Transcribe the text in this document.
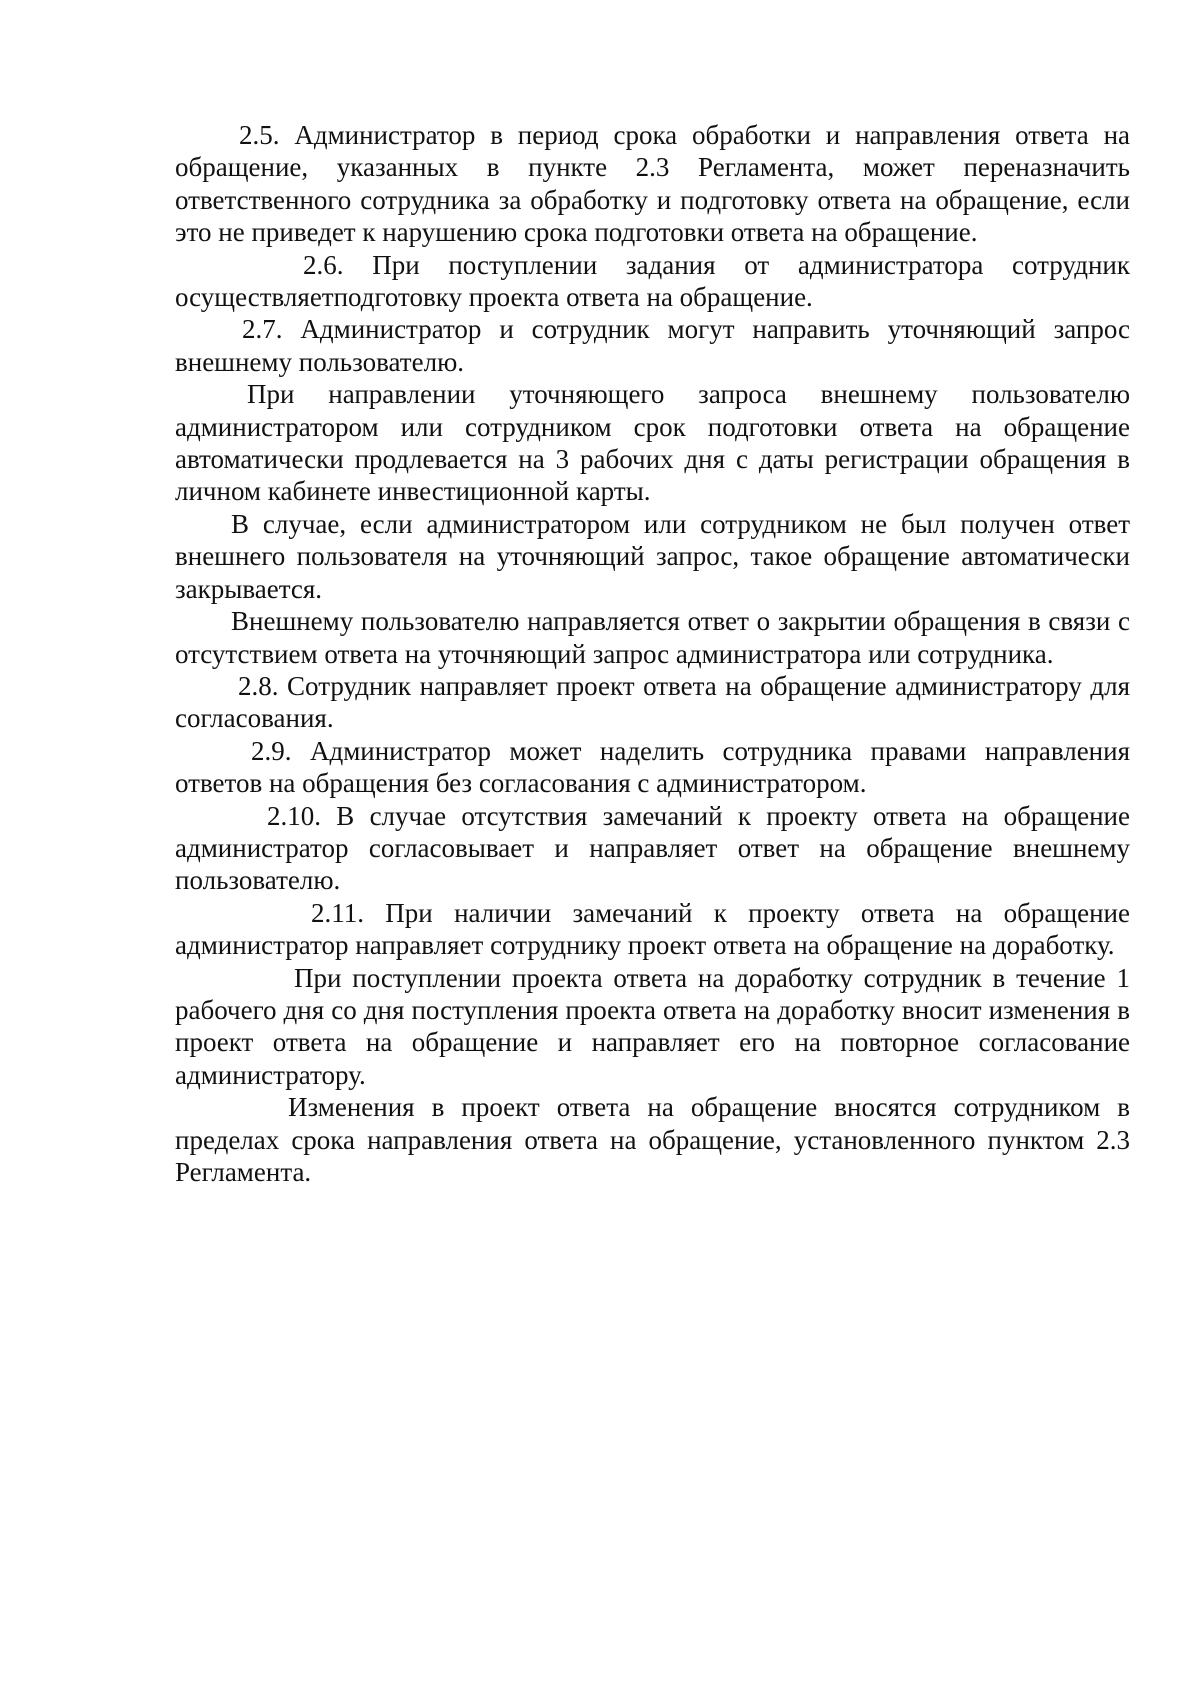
2.5. Администратор в период срока обработки и направления ответа на обращение, указанных в пункте 2.3 Регламента, может переназначить ответственного сотрудника за обработку и подготовку ответа на обращение, если это не приведет к нарушению срока подготовки ответа на обращение.

2.6. При поступлении задания от администратора сотрудник осуществляетподготовку проекта ответа на обращение.

2.7. Администратор и сотрудник могут направить уточняющий запрос внешнему пользователю.

При направлении уточняющего запроса внешнему пользователю администратором или сотрудником срок подготовки ответа на обращение автоматически продлевается на 3 рабочих дня с даты регистрации обращения в личном кабинете инвестиционной карты.

В случае, если администратором или сотрудником не был получен ответ внешнего пользователя на уточняющий запрос, такое обращение автоматически закрывается.

Внешнему пользователю направляется ответ о закрытии обращения в связи с отсутствием ответа на уточняющий запрос администратора или сотрудника.

2.8. Сотрудник направляет проект ответа на обращение администратору для согласования.

2.9. Администратор может наделить сотрудника правами направления ответов на обращения без согласования с администратором.

2.10. В случае отсутствия замечаний к проекту ответа на обращение администратор согласовывает и направляет ответ на обращение внешнему пользователю.

2.11. При наличии замечаний к проекту ответа на обращение администратор направляет сотруднику проект ответа на обращение на доработку.

При поступлении проекта ответа на доработку сотрудник в течение 1 рабочего дня со дня поступления проекта ответа на доработку вносит изменения в проект ответа на обращение и направляет его на повторное согласование администратору.

Изменения в проект ответа на обращение вносятся сотрудником в пределах срока направления ответа на обращение, установленного пунктом 2.3 Регламента.
